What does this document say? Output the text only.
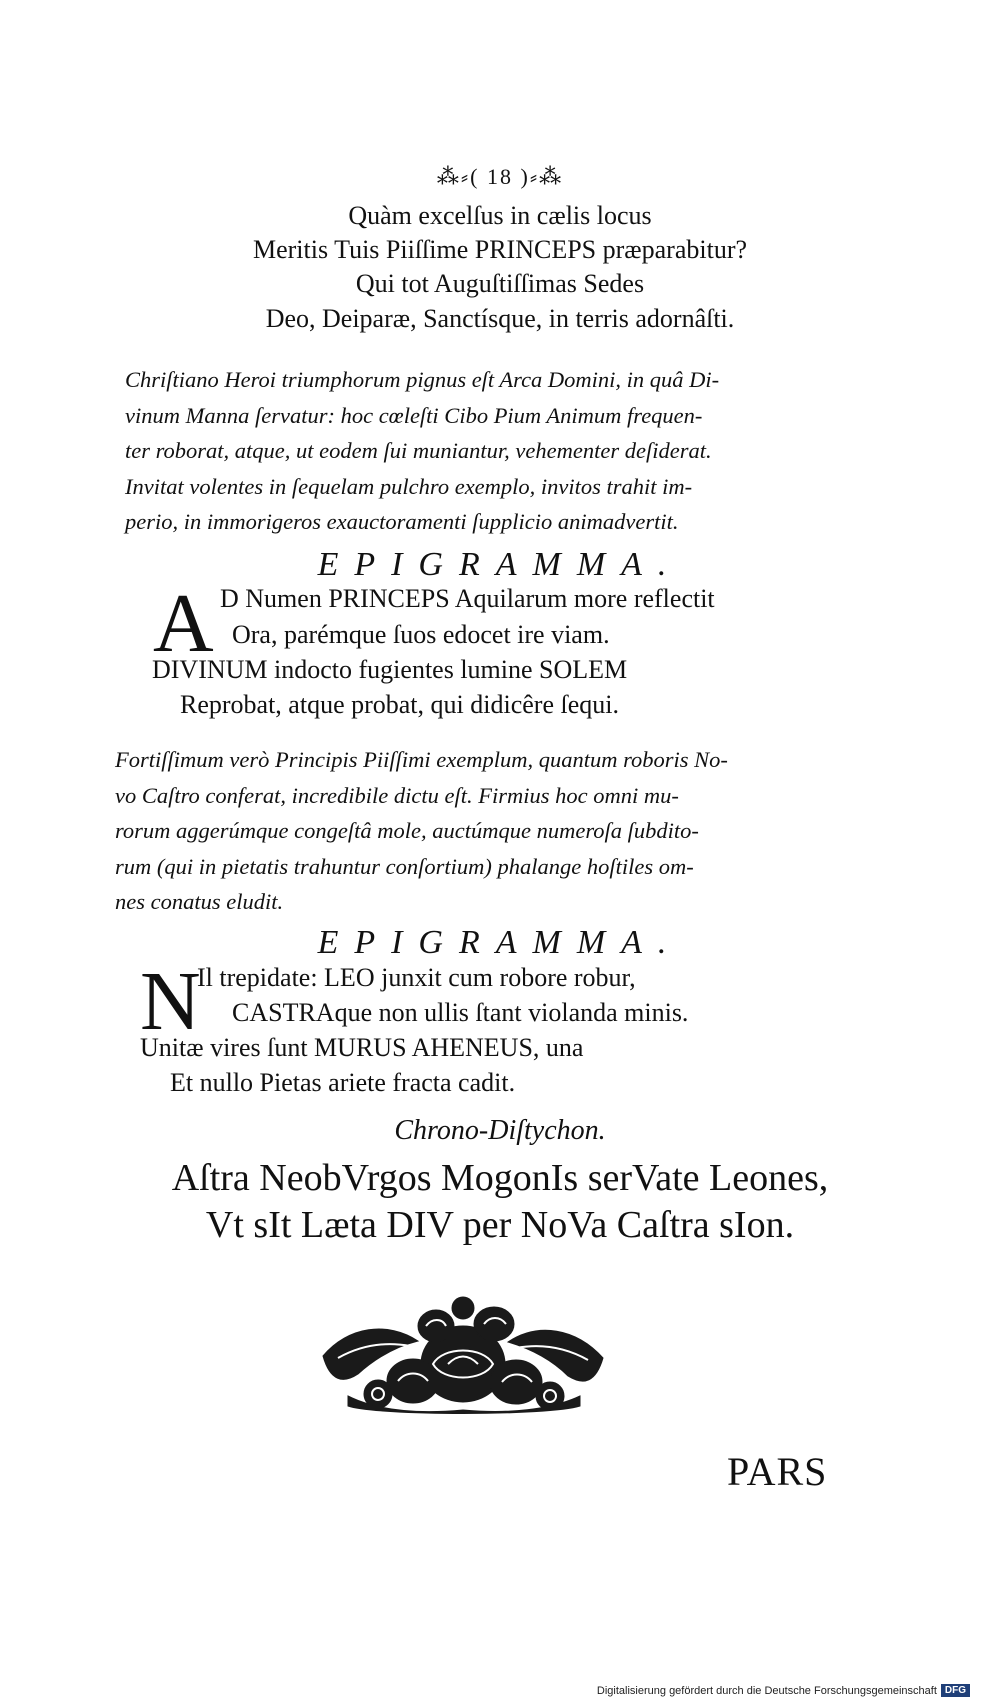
⁂⸗( 18 )⸗⁂
Quàm excelſus in cælis locus
Meritis Tuis Piiſſime PRINCEPS præparabitur?
Qui tot Auguſtiſſimas Sedes
Deo, Deiparæ, Sanctísque, in terris adornâſti.
Chriſtiano Heroi triumphorum pignus eſt Arca Domini, in quâ Di-
vinum Manna ſervatur: hoc cœleſti Cibo Pium Animum frequen-
ter roborat, atque, ut eodem ſui muniantur, vehementer deſiderat.
Invitat volentes in ſequelam pulchro exemplo, invitos trahit im-
perio, in immorigeros exauctoramenti ſupplicio animadvertit.
EPIGRAMMA.
A D Numen PRINCEPS Aquilarum more reflectit
Ora, parémque ſuos edocet ire viam.
DIVINUM indocto fugientes lumine SOLEM
Reprobat, atque probat, qui didicêre ſequi.
Fortiſſimum verò Principis Piiſſimi exemplum, quantum roboris No-
vo Caſtro conferat, incredibile dictu eſt. Firmius hoc omni mu-
rorum aggerúmque congeſtâ mole, auctúmque numeroſa ſubdito-
rum (qui in pietatis trahuntur conſortium) phalange hoſtiles om-
nes conatus eludit.
EPIGRAMMA.
N
Il trepidate: LEO junxit cum robore robur,
CASTRAque non ullis ſtant violanda minis.
Unitæ vires ſunt MURUS AHENEUS, una
Et nullo Pietas ariete fracta cadit.
Chrono-Diſtychon.
Aſtra NeobVrgos MogonIs serVate Leones,
Vt sIt Læta DIV per NoVa Caſtra sIon.
PARS
Digitalisierung gefördert durch die Deutsche Forschungsgemeinschaft DFG
